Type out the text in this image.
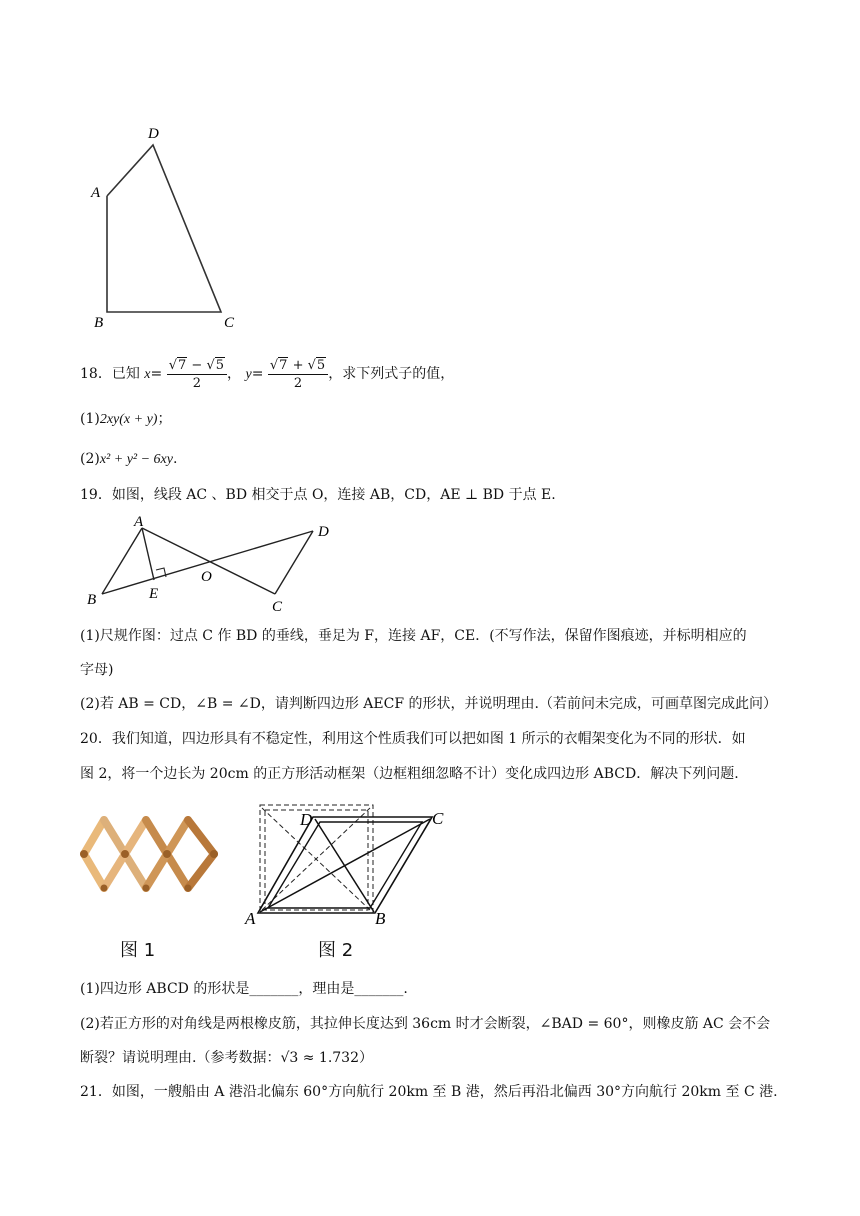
D
A
B	C
18．已知 $x= \frac{√7 - √5}{2}$ ， $y= \frac{√7 + √5}{2}$ ，求下列式子的值，
(1)2xy(x + y)；
(2)x² + y² − 6xy.
19．如图，线段 AC 、BD 相交于点 O，连接 AB，CD，AE ⊥ BD 于点 E.
A
B	E
O
C
D
(1)尺规作图：过点 C 作 BD 的垂线，垂足为 F，连接 AF，CE．(不写作法，保留作图痕迹，并标明相应的
字母)
(2)若 AB = CD，∠B = ∠D，请判断四边形 AECF 的形状，并说明理由.（若前问未完成，可画草图完成此问）
20．我们知道，四边形具有不稳定性，利用这个性质我们可以把如图 1 所示的衣帽架变化为不同的形状．如
图 2，将一个边长为 20cm 的正方形活动框架（边框粗细忽略不计）变化成四边形 ABCD．解决下列问题.
图 1
D	C
A	B
图 2
(1)四边形 ABCD 的形状是_______，理由是_______.
(2)若正方形的对角线是两根橡皮筋，其拉伸长度达到 36cm 时才会断裂，∠BAD = 60°，则橡皮筋 AC 会不会
断裂？请说明理由.（参考数据：√3 ≈ 1.732）
21．如图，一艘船由 A 港沿北偏东 60°方向航行 20km 至 B 港，然后再沿北偏西 30°方向航行 20km 至 C 港.
